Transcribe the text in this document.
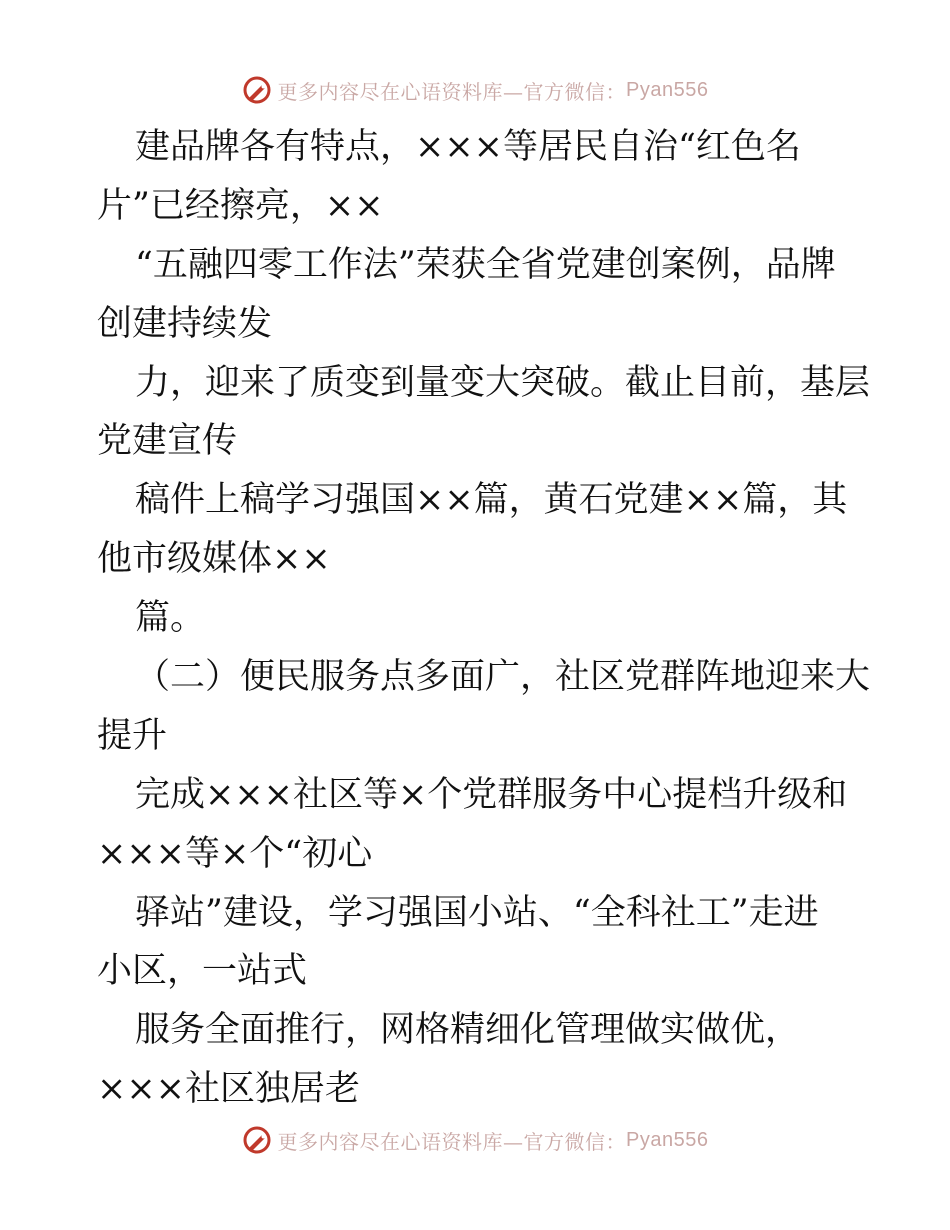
更多内容尽在心语资料库—官方微信： Pyan556
建品牌各有特点，×××等居民自治“红色名
片”已经擦亮，××
“五融四零工作法”荣获全省党建创案例，品牌
创建持续发
力，迎来了质变到量变大突破。截止目前，基层
党建宣传
稿件上稿学习强国××篇，黄石党建××篇，其
他市级媒体××
篇。
（二）便民服务点多面广，社区党群阵地迎来大
提升
完成×××社区等×个党群服务中心提档升级和
×××等×个“初心
驿站”建设，学习强国小站、“全科社工”走进
小区，一站式
服务全面推行，网格精细化管理做实做优，
×××社区独居老
更多内容尽在心语资料库—官方微信： Pyan556
